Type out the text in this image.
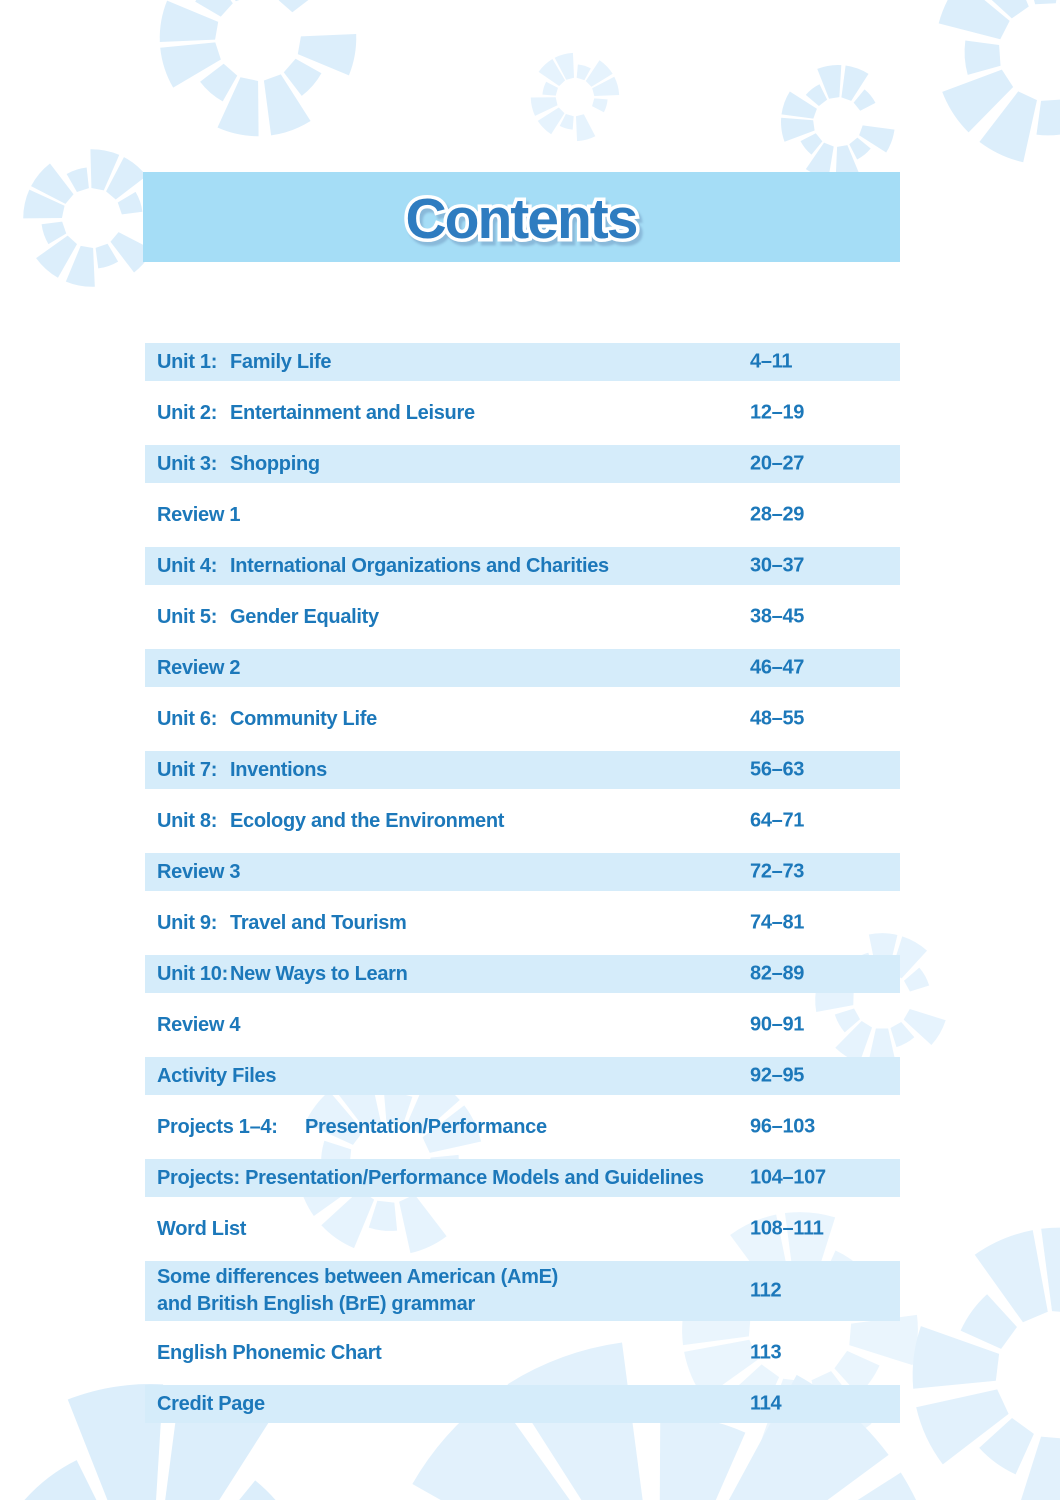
Contents
Unit 1: Family Life	4–11
Unit 2: Entertainment and Leisure	12–19
Unit 3: Shopping	20–27
Review 1	28–29
Unit 4: International Organizations and Charities	30–37
Unit 5: Gender Equality	38–45
Review 2	46–47
Unit 6: Community Life	48–55
Unit 7: Inventions	56–63
Unit 8: Ecology and the Environment	64–71
Review 3	72–73
Unit 9: Travel and Tourism	74–81
Unit 10: New Ways to Learn	82–89
Review 4	90–91
Activity Files	92–95
Projects 1–4:	Presentation/Performance	96–103
Projects: Presentation/Performance Models and Guidelines 104–107
Word List	108–111
Some differences between American (AmE)
and British English (BrE) grammar
112
English Phonemic Chart	113
Credit Page	114
